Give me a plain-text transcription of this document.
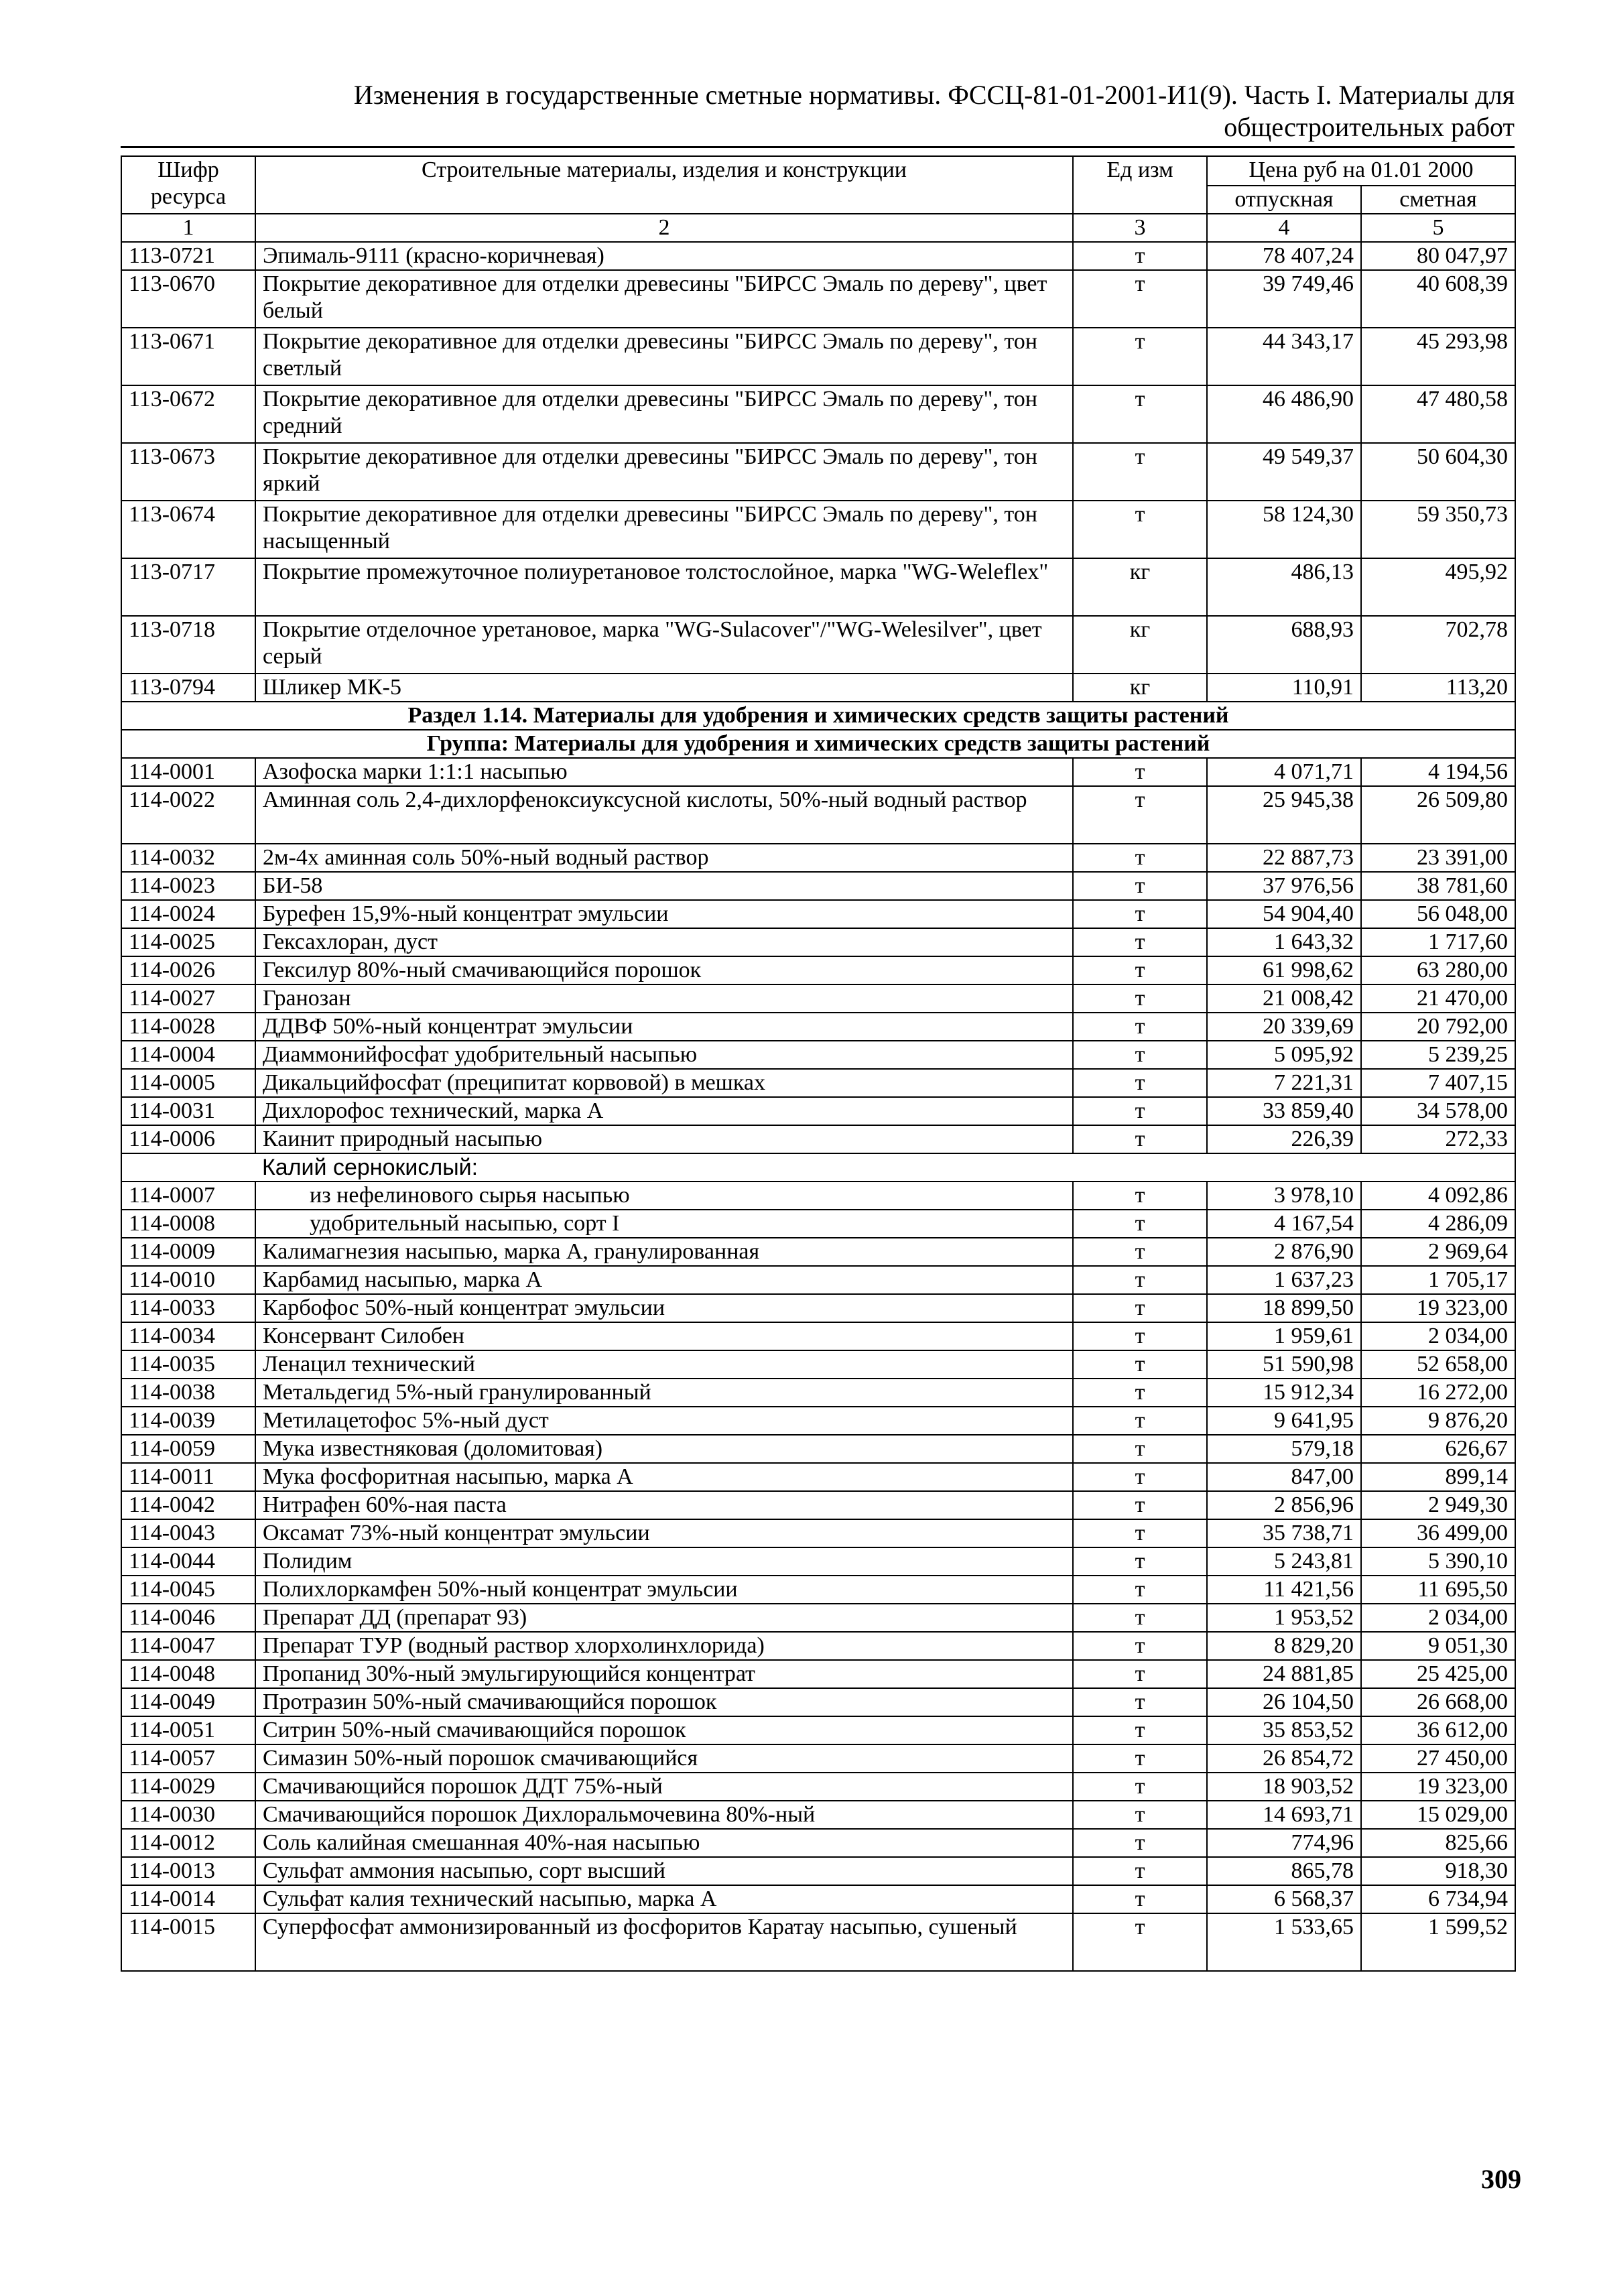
Изменения в государственные сметные нормативы. ФССЦ-81-01-2001-И1(9). Часть I. Материалы для
общестроительных работ
Шифр ресурса	Строительные материалы, изделия и конструкции	Ед изм	Цена руб на 01.01 2000	
			отпускная	сметная
1	2	3	4	5
113-0721	Эпималь-9111 (красно-коричневая)	т	78 407,24	80 047,97
113-0670	Покрытие декоративное для отделки древесины "БИРСС Эмаль по дереву", цвет белый	т	39 749,46	40 608,39
113-0671	Покрытие декоративное для отделки древесины "БИРСС Эмаль по дереву", тон светлый	т	44 343,17	45 293,98
113-0672	Покрытие декоративное для отделки древесины "БИРСС Эмаль по дереву", тон средний	т	46 486,90	47 480,58
113-0673	Покрытие декоративное для отделки древесины "БИРСС Эмаль по дереву", тон яркий	т	49 549,37	50 604,30
113-0674	Покрытие декоративное для отделки древесины "БИРСС Эмаль по дереву", тон насыщенный	т	58 124,30	59 350,73
113-0717	Покрытие промежуточное полиуретановое толстослойное, марка "WG-Weleflex"	кг	486,13	495,92
113-0718	Покрытие отделочное уретановое, марка "WG-Sulacover"/"WG-Welesilver", цвет серый	кг	688,93	702,78
113-0794	Шликер МК-5	кг	110,91	113,20
Раздел 1.14. Материалы для удобрения и химических средств защиты растений				
Группа: Материалы для удобрения и химических средств защиты растений				
114-0001	Азофоска марки 1:1:1 насыпью	т	4 071,71	4 194,56
114-0022	Аминная соль 2,4-дихлорфеноксиуксусной кислоты, 50%-ный водный раствор	т	25 945,38	26 509,80
114-0032	2м-4х аминная соль 50%-ный водный раствор	т	22 887,73	23 391,00
114-0023	БИ-58	т	37 976,56	38 781,60
114-0024	Бурефен 15,9%-ный концентрат эмульсии	т	54 904,40	56 048,00
114-0025	Гексахлоран, дуст	т	1 643,32	1 717,60
114-0026	Гексилур 80%-ный смачивающийся порошок	т	61 998,62	63 280,00
114-0027	Гранозан	т	21 008,42	21 470,00
114-0028	ДДВФ 50%-ный концентрат эмульсии	т	20 339,69	20 792,00
114-0004	Диаммонийфосфат удобрительный насыпью	т	5 095,92	5 239,25
114-0005	Дикальцийфосфат (преципитат корвовой) в мешках	т	7 221,31	7 407,15
114-0031	Дихлорофос технический, марка А	т	33 859,40	34 578,00
114-0006	Каинит природный насыпью	т	226,39	272,33
	Калий сернокислый:			
114-0007	из нефелинового сырья насыпью	т	3 978,10	4 092,86
114-0008	удобрительный насыпью, сорт I	т	4 167,54	4 286,09
114-0009	Калимагнезия насыпью, марка А, гранулированная	т	2 876,90	2 969,64
114-0010	Карбамид насыпью, марка А	т	1 637,23	1 705,17
114-0033	Карбофос 50%-ный концентрат эмульсии	т	18 899,50	19 323,00
114-0034	Консервант Силобен	т	1 959,61	2 034,00
114-0035	Ленацил технический	т	51 590,98	52 658,00
114-0038	Метальдегид 5%-ный гранулированный	т	15 912,34	16 272,00
114-0039	Метилацетофос 5%-ный дуст	т	9 641,95	9 876,20
114-0059	Мука известняковая (доломитовая)	т	579,18	626,67
114-0011	Мука фосфоритная насыпью, марка А	т	847,00	899,14
114-0042	Нитрафен 60%-ная паста	т	2 856,96	2 949,30
114-0043	Оксамат 73%-ный концентрат эмульсии	т	35 738,71	36 499,00
114-0044	Полидим	т	5 243,81	5 390,10
114-0045	Полихлоркамфен 50%-ный концентрат эмульсии	т	11 421,56	11 695,50
114-0046	Препарат ДД (препарат 93)	т	1 953,52	2 034,00
114-0047	Препарат ТУР (водный раствор хлорхолинхлорида)	т	8 829,20	9 051,30
114-0048	Пропанид 30%-ный эмульгирующийся концентрат	т	24 881,85	25 425,00
114-0049	Протразин 50%-ный смачивающийся порошок	т	26 104,50	26 668,00
114-0051	Ситрин 50%-ный смачивающийся порошок	т	35 853,52	36 612,00
114-0057	Симазин 50%-ный порошок смачивающийся	т	26 854,72	27 450,00
114-0029	Смачивающийся порошок ДДТ 75%-ный	т	18 903,52	19 323,00
114-0030	Смачивающийся порошок Дихлоральмочевина 80%-ный	т	14 693,71	15 029,00
114-0012	Соль калийная смешанная 40%-ная насыпью	т	774,96	825,66
114-0013	Сульфат аммония насыпью, сорт высший	т	865,78	918,30
114-0014	Сульфат калия технический насыпью, марка А	т	6 568,37	6 734,94
114-0015	Суперфосфат аммонизированный из фосфоритов Каратау насыпью, сушеный	т	1 533,65	1 599,52
309
